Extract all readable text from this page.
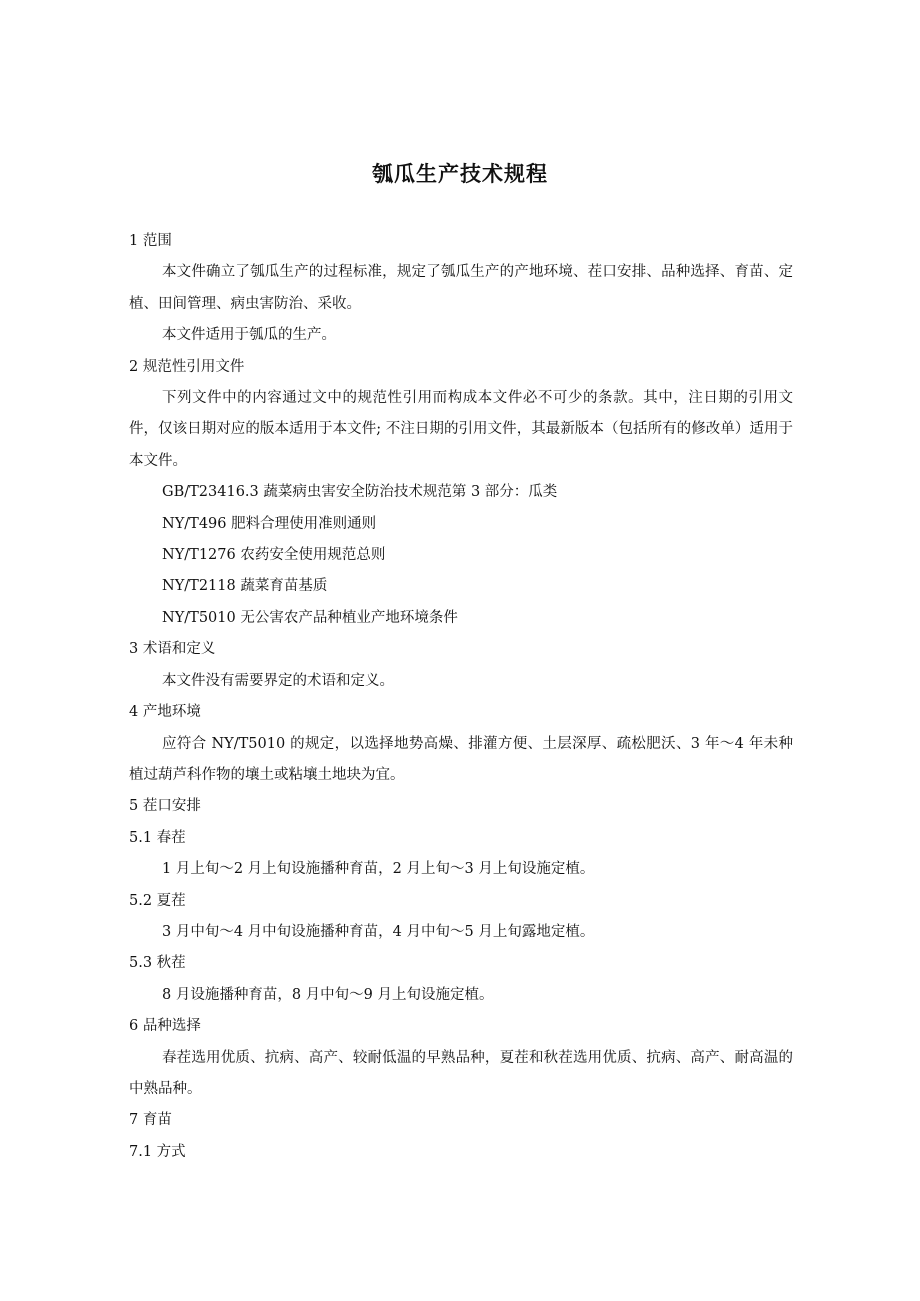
瓠瓜生产技术规程

1 范围

本文件确立了瓠瓜生产的过程标准，规定了瓠瓜生产的产地环境、茬口安排、品种选择、育苗、定植、田间管理、病虫害防治、采收。

本文件适用于瓠瓜的生产。

2 规范性引用文件

下列文件中的内容通过文中的规范性引用而构成本文件必不可少的条款。其中，注日期的引用文件，仅该日期对应的版本适用于本文件; 不注日期的引用文件，其最新版本（包括所有的修改单）适用于本文件。

GB/T23416.3 蔬菜病虫害安全防治技术规范第 3 部分：瓜类

NY/T496 肥料合理使用准则通则

NY/T1276 农药安全使用规范总则

NY/T2118 蔬菜育苗基质

NY/T5010 无公害农产品种植业产地环境条件

3 术语和定义

本文件没有需要界定的术语和定义。

4 产地环境

应符合 NY/T5010 的规定，以选择地势高燥、排灌方便、土层深厚、疏松肥沃、3 年～4 年未种植过葫芦科作物的壤土或粘壤土地块为宜。

5 茬口安排

5.1 春茬

1 月上旬～2 月上旬设施播种育苗，2 月上旬～3 月上旬设施定植。

5.2 夏茬

3 月中旬～4 月中旬设施播种育苗，4 月中旬～5 月上旬露地定植。

5.3 秋茬

8 月设施播种育苗，8 月中旬～9 月上旬设施定植。

6 品种选择

春茬选用优质、抗病、高产、较耐低温的早熟品种，夏茬和秋茬选用优质、抗病、高产、耐高温的中熟品种。

7 育苗

7.1 方式
